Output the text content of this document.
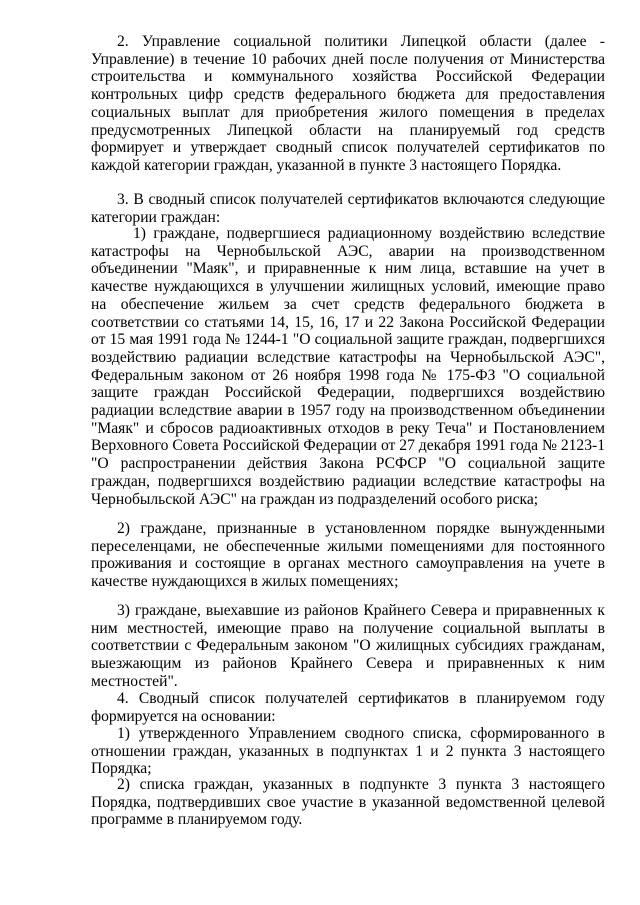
2. Управление социальной политики Липецкой области (далее - Управление) в течение 10 рабочих дней после получения от Министерства строительства и коммунального хозяйства Российской Федерации контрольных цифр средств федерального бюджета для предоставления социальных выплат для приобретения жилого помещения в пределах предусмотренных Липецкой области на планируемый год средств формирует и утверждает сводный список получателей сертификатов по каждой категории граждан, указанной в пункте 3 настоящего Порядка.

3. В сводный список получателей сертификатов включаются следующие категории граждан:

1) граждане, подвергшиеся радиационному воздействию вследствие катастрофы на Чернобыльской АЭС, аварии на производственном объединении "Маяк", и приравненные к ним лица, вставшие на учет в качестве нуждающихся в улучшении жилищных условий, имеющие право на обеспечение жильем за счет средств федерального бюджета в соответствии со статьями 14, 15, 16, 17 и 22 Закона Российской Федерации от 15 мая 1991 года № 1244-1 "О социальной защите граждан, подвергшихся воздействию радиации вследствие катастрофы на Чернобыльской АЭС", Федеральным законом от 26 ноября 1998 года № 175-ФЗ "О социальной защите граждан Российской Федерации, подвергшихся воздействию радиации вследствие аварии в 1957 году на производственном объединении "Маяк" и сбросов радиоактивных отходов в реку Теча" и Постановлением Верховного Совета Российской Федерации от 27 декабря 1991 года № 2123-1 "О распространении действия Закона РСФСР "О социальной защите граждан, подвергшихся воздействию радиации вследствие катастрофы на Чернобыльской АЭС" на граждан из подразделений особого риска;

2) граждане, признанные в установленном порядке вынужденными переселенцами, не обеспеченные жилыми помещениями для постоянного проживания и состоящие в органах местного самоуправления на учете в качестве нуждающихся в жилых помещениях;

3) граждане, выехавшие из районов Крайнего Севера и приравненных к ним местностей, имеющие право на получение социальной выплаты в соответствии с Федеральным законом "О жилищных субсидиях гражданам, выезжающим из районов Крайнего Севера и приравненных к ним местностей".

4. Сводный список получателей сертификатов в планируемом году формируется на основании:

1) утвержденного Управлением сводного списка, сформированного в отношении граждан, указанных в подпунктах 1 и 2 пункта 3 настоящего Порядка;

2) списка граждан, указанных в подпункте 3 пункта 3 настоящего Порядка, подтвердивших свое участие в указанной ведомственной целевой программе в планируемом году.
